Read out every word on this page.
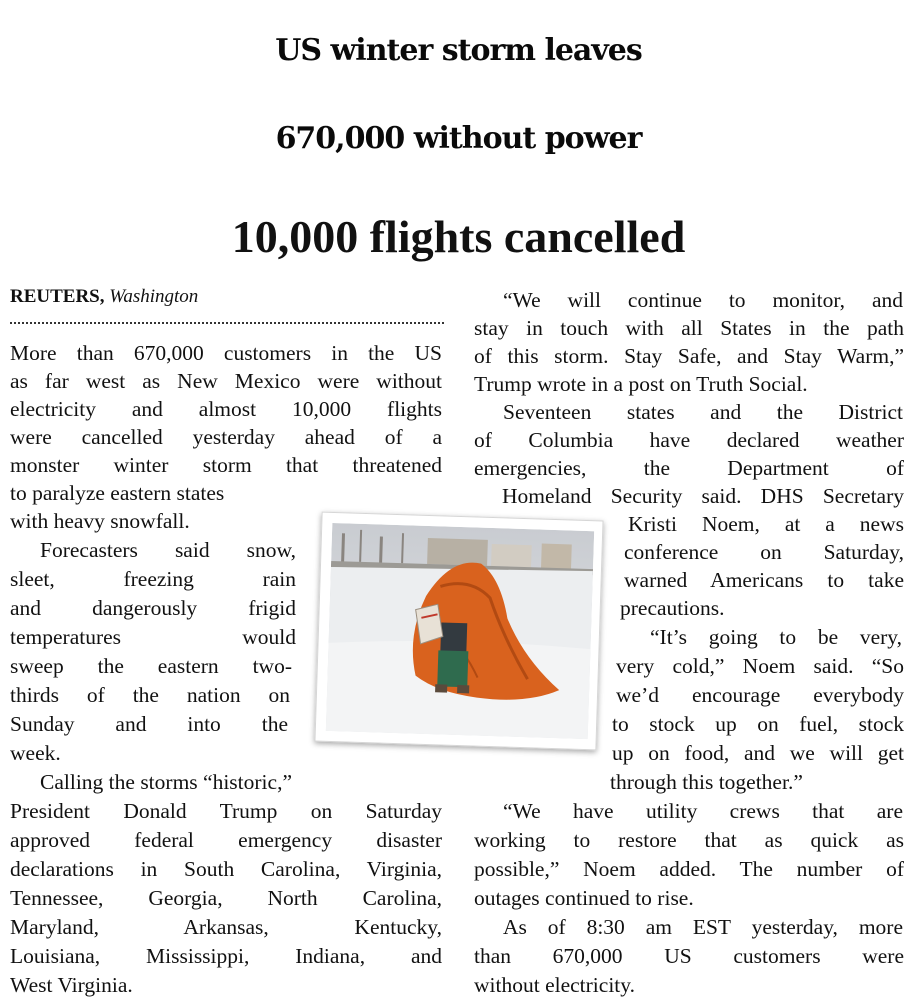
US winter storm leaves
670,000 without power
10,000 flights cancelled
REUTERS, Washington
More than 670,000 customers in the US
as far west as New Mexico were without
electricity and almost 10,000 flights
were cancelled yesterday ahead of a
monster winter storm that threatened
to paralyze eastern states
with heavy snowfall.
Forecasters said snow,
sleet, freezing rain
and dangerously frigid
temperatures would
sweep the eastern two-
thirds of the nation on
Sunday and into the
week.
Calling the storms “historic,”
President Donald Trump on Saturday
approved federal emergency disaster
declarations in South Carolina, Virginia,
Tennessee, Georgia, North Carolina,
Maryland, Arkansas, Kentucky,
Louisiana, Mississippi, Indiana, and
West Virginia.
“We will continue to monitor, and
stay in touch with all States in the path
of this storm. Stay Safe, and Stay Warm,”
Trump wrote in a post on Truth Social.
Seventeen states and the District
of Columbia have declared weather
emergencies, the Department of
Homeland Security said. DHS Secretary
Kristi Noem, at a news
conference on Saturday,
warned Americans to take
precautions.
“It’s going to be very,
very cold,” Noem said. “So
we’d encourage everybody
to stock up on fuel, stock
up on food, and we will get
through this together.”
“We have utility crews that are
working to restore that as quick as
possible,” Noem added. The number of
outages continued to rise.
As of 8:30 am EST yesterday, more
than 670,000 US customers were
without electricity.
